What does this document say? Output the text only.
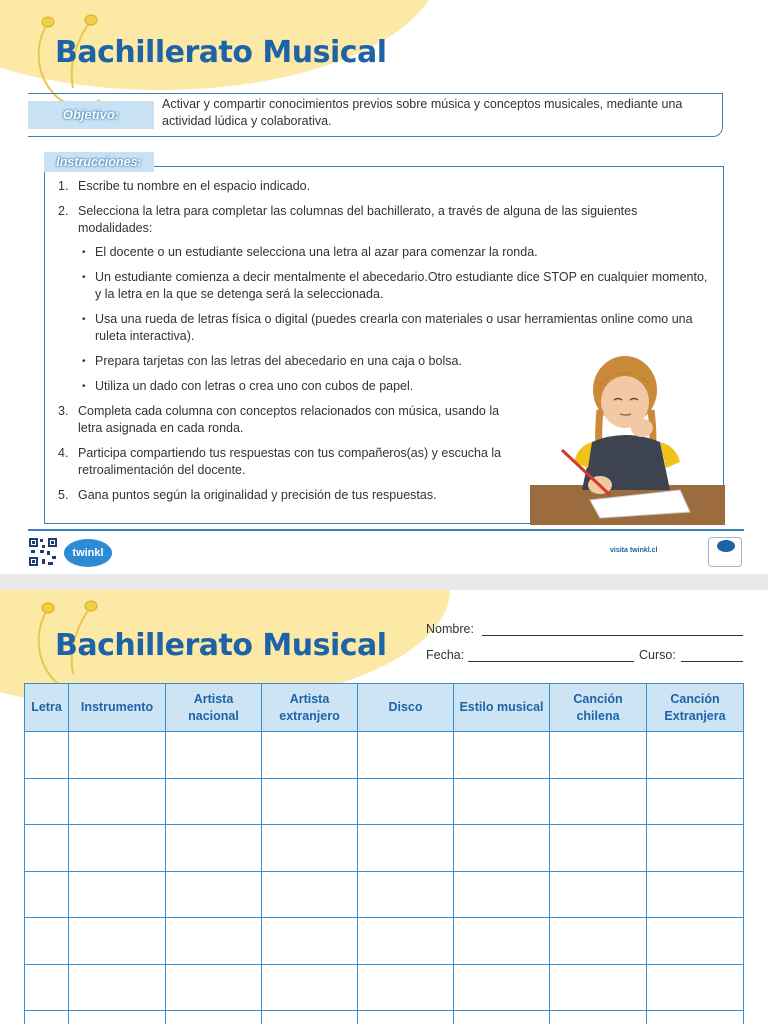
Bachillerato Musical
Objetivo:
Activar y compartir conocimientos previos sobre música y conceptos musicales, mediante una actividad lúdica y colaborativa.
Instrucciones:
1. Escribe tu nombre en el espacio indicado.
2. Selecciona la letra para completar las columnas del bachillerato, a través de alguna de las siguientes modalidades:
• El docente o un estudiante selecciona una letra al azar para comenzar la ronda.
• Un estudiante comienza a decir mentalmente el abecedario.Otro estudiante dice STOP en cualquier momento, y la letra en la que se detenga será la seleccionada.
• Usa una rueda de letras física o digital (puedes crearla con materiales o usar herramientas online como una ruleta interactiva).
• Prepara tarjetas con las letras del abecedario en una caja o bolsa.
• Utiliza un dado con letras o crea uno con cubos de papel.
3. Completa cada columna con conceptos relacionados con música, usando la letra asignada en cada ronda.
4. Participa compartiendo tus respuestas con tus compañeros(as) y escucha la retroalimentación del docente.
5. Gana puntos según la originalidad y precisión de tus respuestas.
twinkl	visita twinkl.cl
Bachillerato Musical	Nombre:
Fecha:	Curso:
Letra	Instrumento	Artista nacional	Artista extranjero	Disco	Estilo musical	Canción chilena	Canción Extranjera
